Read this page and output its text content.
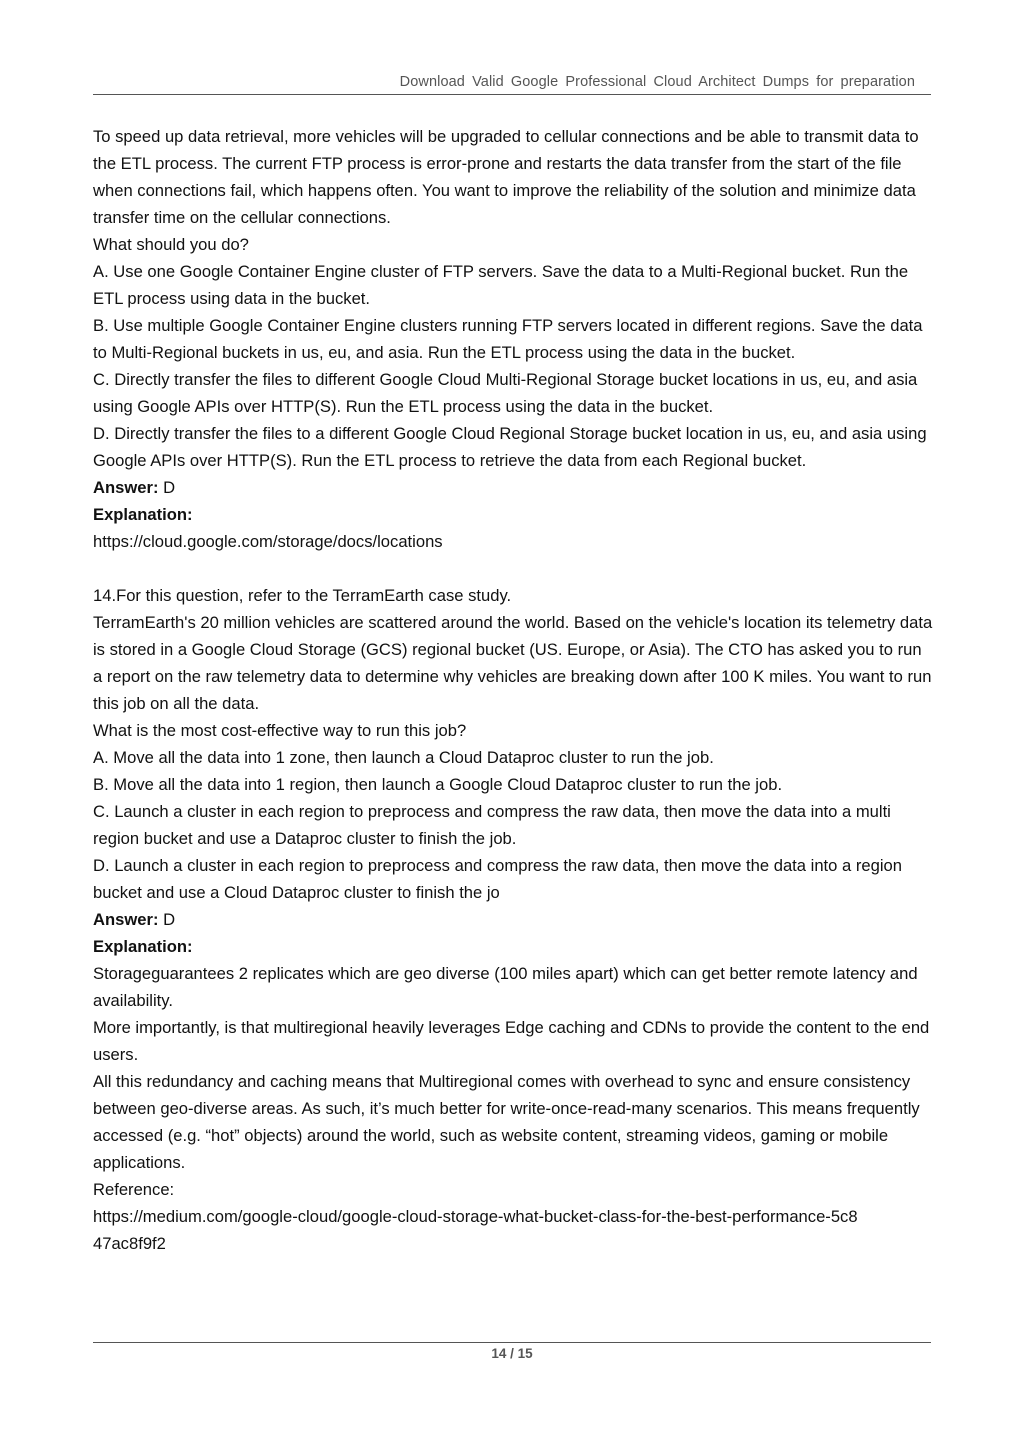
Download Valid Google Professional Cloud Architect Dumps for preparation

To speed up data retrieval, more vehicles will be upgraded to cellular connections and be able to transmit data to the ETL process. The current FTP process is error-prone and restarts the data transfer from the start of the file when connections fail, which happens often. You want to improve the reliability of the solution and minimize data transfer time on the cellular connections.

What should you do?

A. Use one Google Container Engine cluster of FTP servers. Save the data to a Multi-Regional bucket. Run the ETL process using data in the bucket.

B. Use multiple Google Container Engine clusters running FTP servers located in different regions. Save the data to Multi-Regional buckets in us, eu, and asia. Run the ETL process using the data in the bucket.

C. Directly transfer the files to different Google Cloud Multi-Regional Storage bucket locations in us, eu, and asia using Google APIs over HTTP(S). Run the ETL process using the data in the bucket.

D. Directly transfer the files to a different Google Cloud Regional Storage bucket location in us, eu, and asia using Google APIs over HTTP(S). Run the ETL process to retrieve the data from each Regional bucket.

Answer: D

Explanation:

https://cloud.google.com/storage/docs/locations

14.For this question, refer to the TerramEarth case study.

TerramEarth's 20 million vehicles are scattered around the world. Based on the vehicle's location its telemetry data is stored in a Google Cloud Storage (GCS) regional bucket (US. Europe, or Asia). The CTO has asked you to run a report on the raw telemetry data to determine why vehicles are breaking down after 100 K miles. You want to run this job on all the data.

What is the most cost-effective way to run this job?

A. Move all the data into 1 zone, then launch a Cloud Dataproc cluster to run the job.

B. Move all the data into 1 region, then launch a Google Cloud Dataproc cluster to run the job.

C. Launch a cluster in each region to preprocess and compress the raw data, then move the data into a multi region bucket and use a Dataproc cluster to finish the job.

D. Launch a cluster in each region to preprocess and compress the raw data, then move the data into a region bucket and use a Cloud Dataproc cluster to finish the jo

Answer: D

Explanation:

Storageguarantees 2 replicates which are geo diverse (100 miles apart) which can get better remote latency and availability.

More importantly, is that multiregional heavily leverages Edge caching and CDNs to provide the content to the end users.

All this redundancy and caching means that Multiregional comes with overhead to sync and ensure consistency between geo-diverse areas. As such, it’s much better for write-once-read-many scenarios. This means frequently accessed (e.g. “hot” objects) around the world, such as website content, streaming videos, gaming or mobile applications.

Reference:

https://medium.com/google-cloud/google-cloud-storage-what-bucket-class-for-the-best-performance-5c8 47ac8f9f2

14 / 15
